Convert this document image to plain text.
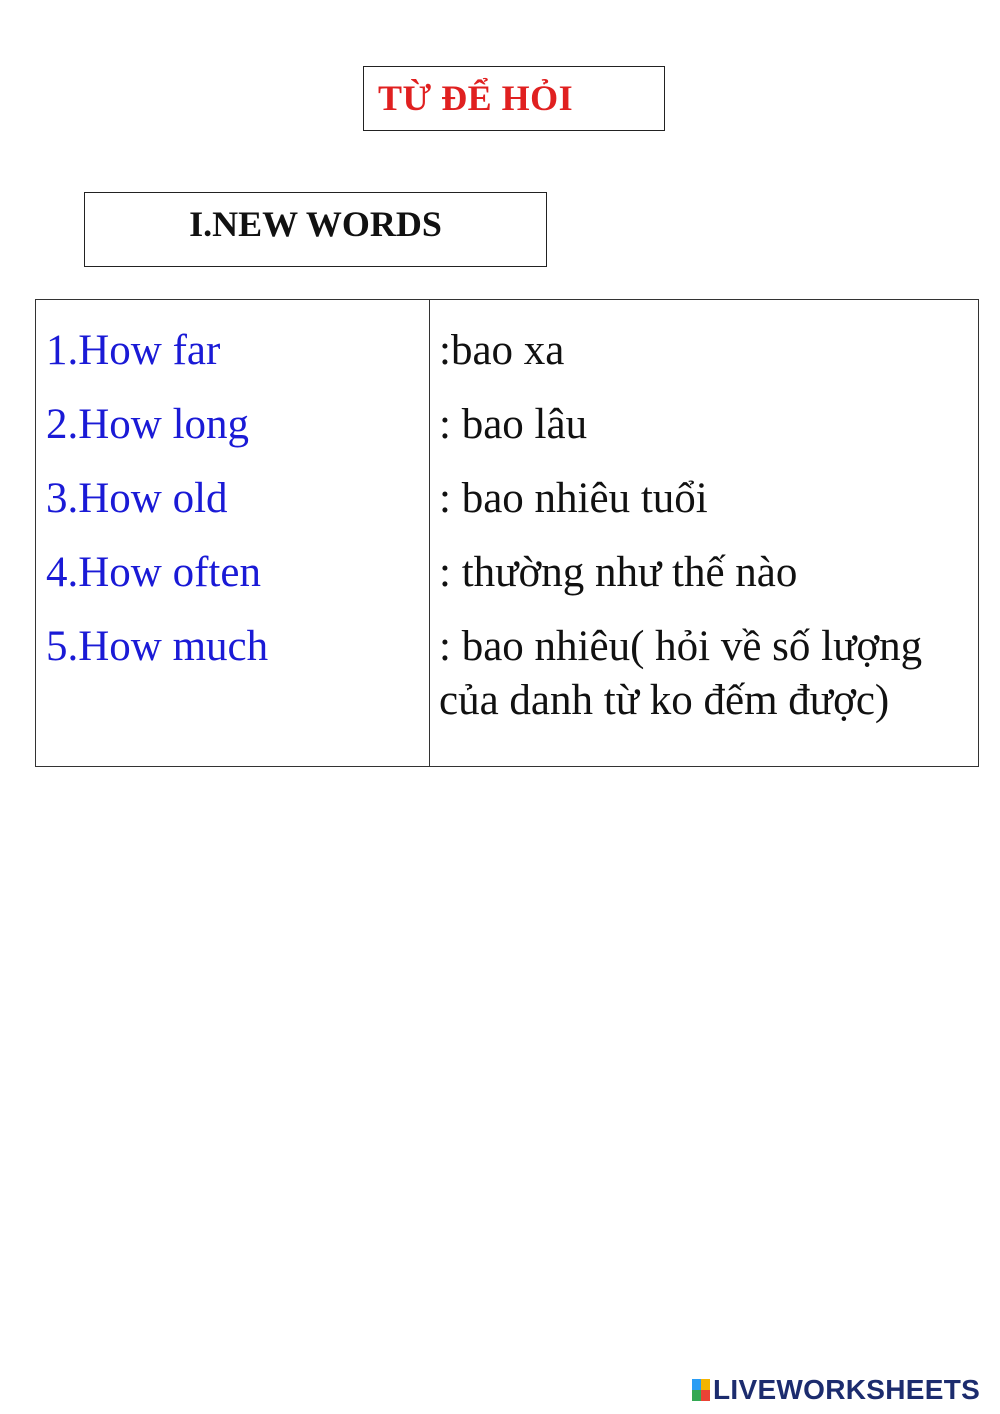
TỪ ĐỂ HỎI
I.NEW WORDS

1.How far

2.How long

3.How old

4.How often

5.How much

:bao xa

: bao lâu

: bao nhiêu tuổi

: thường như thế nào

: bao nhiêu( hỏi về số lượng của danh từ ko đếm được)

LIVEWORKSHEETS
